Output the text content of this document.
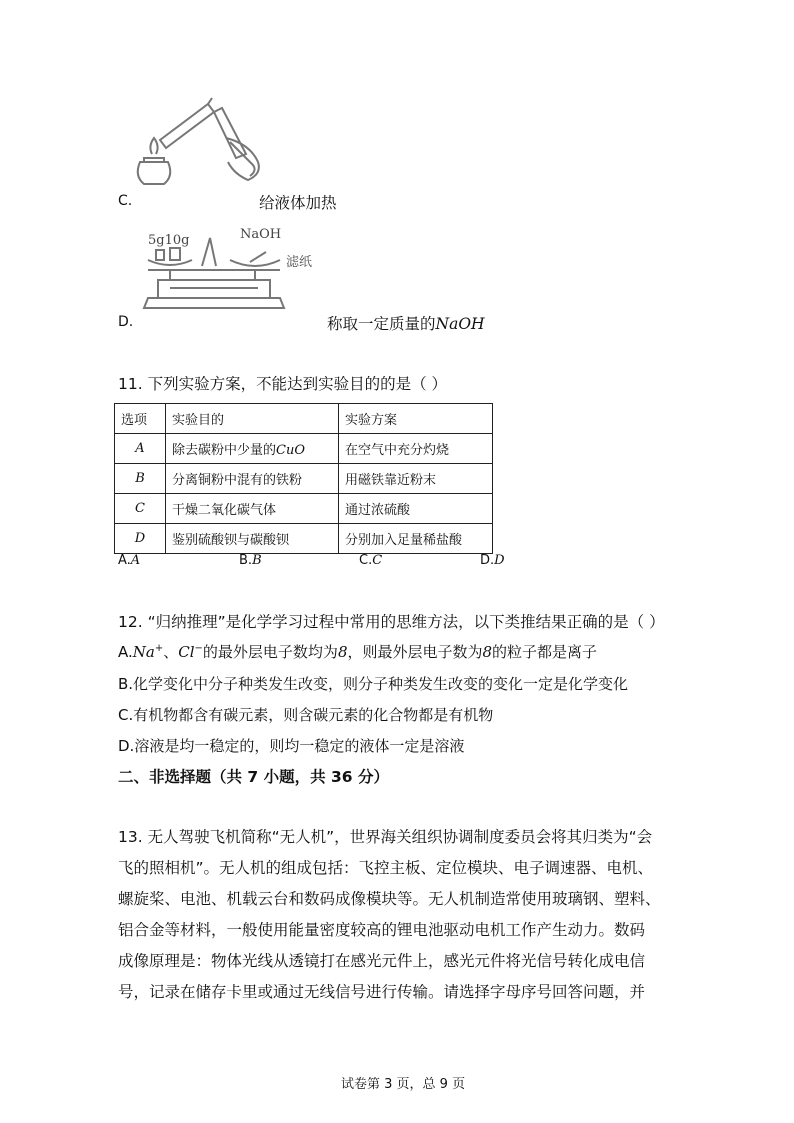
C.	给液体加热
5g10g	NaOH
滤纸
D.	称取一定质量的NaOH
11. 下列实验方案，不能达到实验目的的是（ ）
选项	实验目的	实验方案
A	除去碳粉中少量的CuO	在空气中充分灼烧
B	分离铜粉中混有的铁粉	用磁铁靠近粉末
C	干燥二氧化碳气体	通过浓硫酸
D	鉴别硫酸钡与碳酸钡	分别加入足量稀盐酸
A.A	B.B	C.C	D.D
12. “归纳推理”是化学学习过程中常用的思维方法，以下类推结果正确的是（ ）
A.Na+、Cl−的最外层电子数均为8，则最外层电子数为8的粒子都是离子
B.化学变化中分子种类发生改变，则分子种类发生改变的变化一定是化学变化
C.有机物都含有碳元素，则含碳元素的化合物都是有机物
D.溶液是均一稳定的，则均一稳定的液体一定是溶液
二、非选择题（共 7 小题，共 36 分）
13. 无人驾驶飞机简称“无人机”，世界海关组织协调制度委员会将其归类为“会
飞的照相机”。无人机的组成包括：飞控主板、定位模块、电子调速器、电机、
螺旋桨、电池、机载云台和数码成像模块等。无人机制造常使用玻璃钢、塑料、
铝合金等材料，一般使用能量密度较高的锂电池驱动电机工作产生动力。数码
成像原理是：物体光线从透镜打在感光元件上，感光元件将光信号转化成电信
号，记录在储存卡里或通过无线信号进行传输。请选择字母序号回答问题，并
试卷第 3 页，总 9 页
